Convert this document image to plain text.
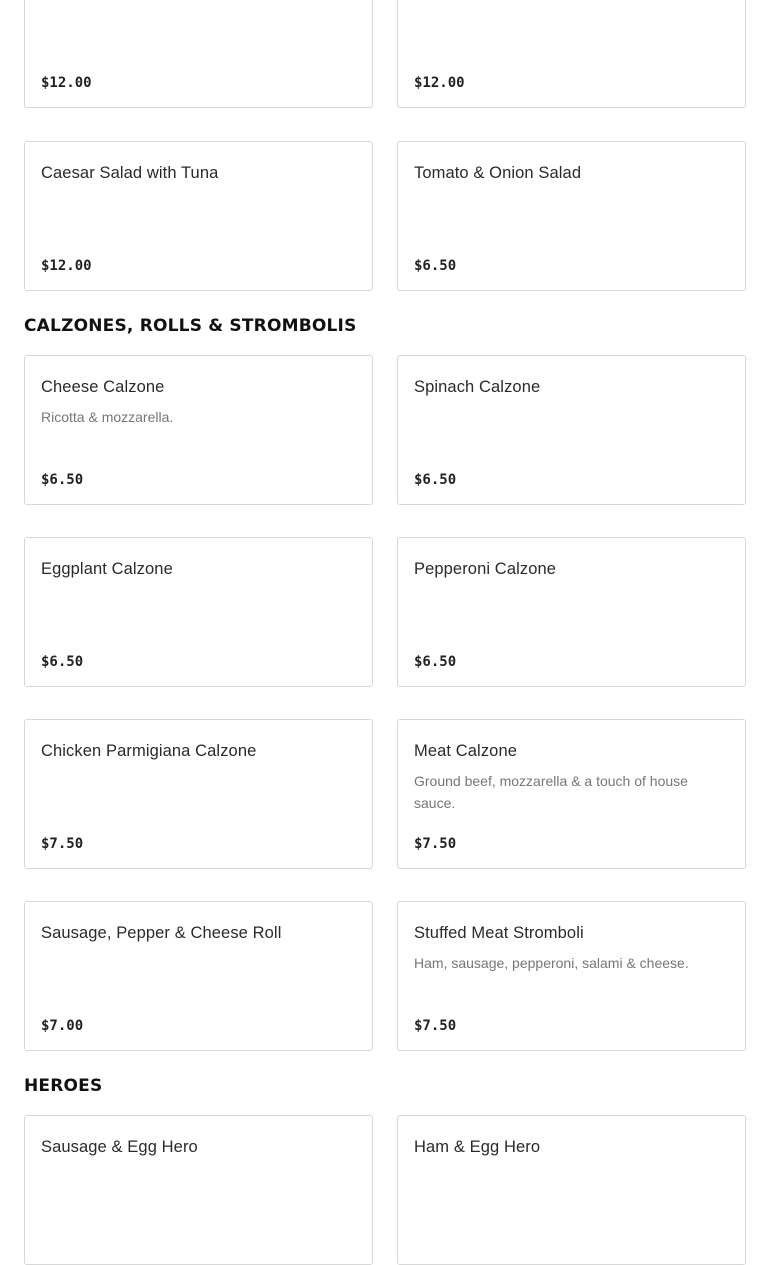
$12.00	$12.00
Caesar Salad with Tuna
$12.00
Tomato & Onion Salad
$6.50
CALZONES, ROLLS & STROMBOLIS
Cheese Calzone
Ricotta & mozzarella.
$6.50
Spinach Calzone
$6.50
Eggplant Calzone
$6.50
Pepperoni Calzone
$6.50
Chicken Parmigiana Calzone
$7.50
Meat Calzone
Ground beef, mozzarella & a touch of house sauce.
$7.50
Sausage, Pepper & Cheese Roll
$7.00
Stuffed Meat Stromboli
Ham, sausage, pepperoni, salami & cheese.
$7.50
HEROES
Sausage & Egg Hero	Ham & Egg Hero
